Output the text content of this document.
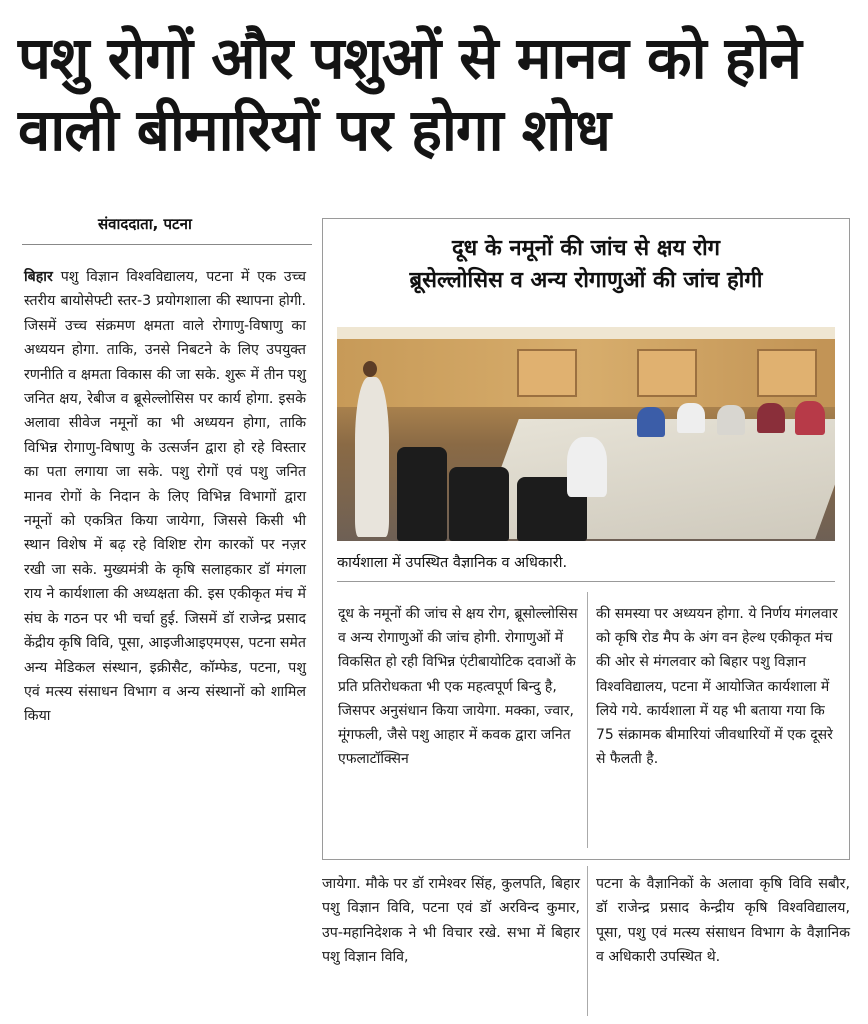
पशु रोगों और पशुओं से मानव को होने वाली बीमारियों पर होगा शोध
संवाददाता, पटना
बिहार पशु विज्ञान विश्वविद्यालय, पटना में एक उच्च स्तरीय बायोसेफ्टी स्तर-3 प्रयोगशाला की स्थापना होगी. जिसमें उच्च संक्रमण क्षमता वाले रोगाणु-विषाणु का अध्ययन होगा. ताकि, उनसे निबटने के लिए उपयुक्त रणनीति व क्षमता विकास की जा सके. शुरू में तीन पशु जनित क्षय, रेबीज व ब्रूसेल्लोसिस पर कार्य होगा. इसके अलावा सीवेज नमूनों का भी अध्ययन होगा, ताकि विभिन्न रोगाणु-विषाणु के उत्सर्जन द्वारा हो रहे विस्तार का पता लगाया जा सके. पशु रोगों एवं पशु जनित मानव रोगों के निदान के लिए विभिन्न विभागों द्वारा नमूनों को एकत्रित किया जायेगा, जिससे किसी भी स्थान विशेष में बढ़ रहे विशिष्ट रोग कारकों पर नज़र रखी जा सके. मुख्यमंत्री के कृषि सलाहकार डॉ मंगला राय ने कार्यशाला की अध्यक्षता की. इस एकीकृत मंच में संघ के गठन पर भी चर्चा हुई. जिसमें डॉ राजेन्द्र प्रसाद केंद्रीय कृषि विवि, पूसा, आइजीआइएमएस, पटना समेत अन्य मेडिकल संस्थान, इक्रीसैट, कॉम्फेड, पटना, पशु एवं मत्स्य संसाधन विभाग व अन्य संस्थानों को शामिल किया
दूध के नमूनों की जांच से क्षय रोग
ब्रूसेल्लोसिस व अन्य रोगाणुओं की जांच होगी
कार्यशाला में उपस्थित वैज्ञानिक व अधिकारी.
दूध के नमूनों की जांच से क्षय रोग, ब्रूसोल्लोसिस व अन्य रोगाणुओं की जांच होगी. रोगाणुओं में विकसित हो रही विभिन्न एंटीबायोटिक दवाओं के प्रति प्रतिरोधकता भी एक महत्वपूर्ण बिन्दु है, जिसपर अनुसंधान किया जायेगा. मक्का, ज्वार, मूंगफली, जैसे पशु आहार में कवक द्वारा जनित एफलाटॉक्सिन
की समस्या पर अध्ययन होगा. ये निर्णय मंगलवार को कृषि रोड मैप के अंग वन हेल्थ एकीकृत मंच की ओर से मंगलवार को बिहार पशु विज्ञान विश्वविद्यालय, पटना में आयोजित कार्यशाला में लिये गये. कार्यशाला में यह भी बताया गया कि 75 संक्रामक बीमारियां जीवधारियों में एक दूसरे से फैलती है.
जायेगा. मौके पर डॉ रामेश्वर सिंह, कुलपति, बिहार पशु विज्ञान विवि, पटना एवं डॉ अरविन्द कुमार, उप-महानिदेशक ने भी विचार रखे. सभा में बिहार पशु विज्ञान विवि,
पटना के वैज्ञानिकों के अलावा कृषि विवि सबौर, डॉ राजेन्द्र प्रसाद केन्द्रीय कृषि विश्वविद्यालय, पूसा, पशु एवं मत्स्य संसाधन विभाग के वैज्ञानिक व अधिकारी उपस्थित थे.
